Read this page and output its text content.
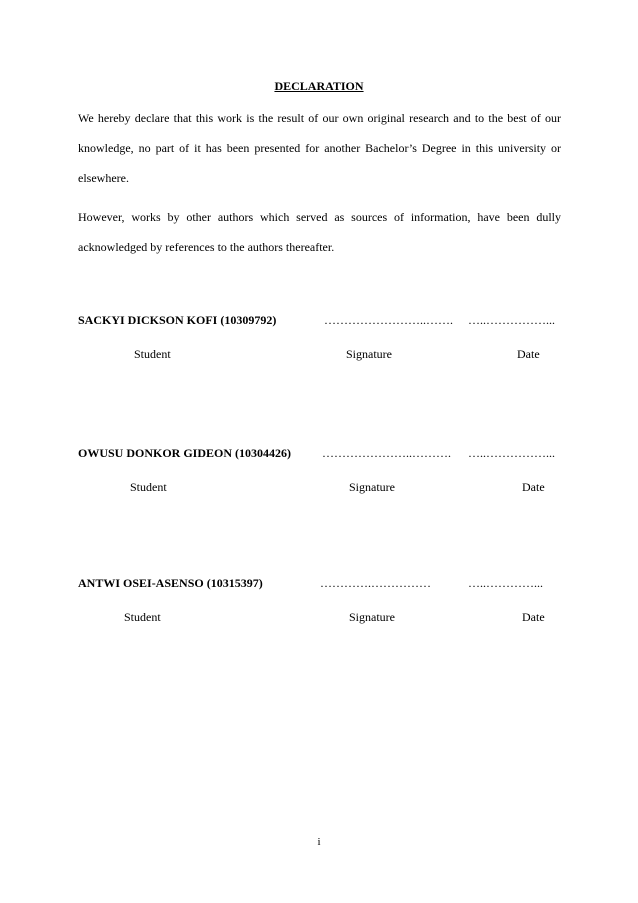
DECLARATION
We hereby declare that this work is the result of our own original research and to the best of our knowledge, no part of it has been presented for another Bachelor’s Degree in this university or elsewhere.
However, works by other authors which served as sources of information, have been dully acknowledged by references to the authors thereafter.
SACKYI DICKSON KOFI (10309792)	……………………..……. …..……………...
Student	Signature	Date
OWUSU DONKOR GIDEON (10304426)	…………………..………. …..……………...
Student	Signature	Date
ANTWI OSEI-ASENSO (10315397)	………….……………	…..…………...
Student	Signature	Date
i
